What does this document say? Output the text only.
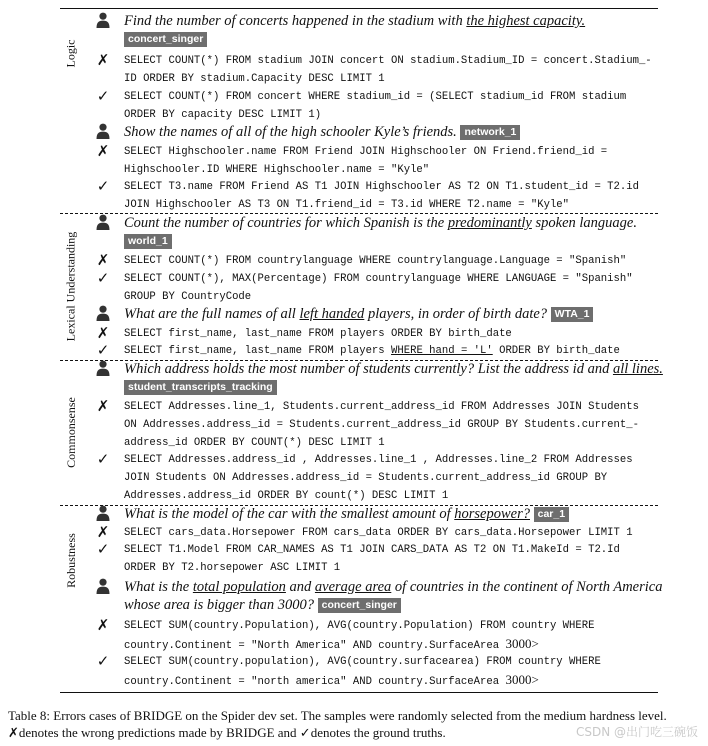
Logic
Lexical Understanding
Commonsense
Robustness
Find the number of concerts happened in the stadium with the highest capacity.
concert_singer
✗	SELECT COUNT(*) FROM stadium JOIN concert ON stadium.Stadium_ID = concert.Stadium_-
ID ORDER BY stadium.Capacity DESC LIMIT 1
✓	SELECT COUNT(*) FROM concert WHERE stadium_id = (SELECT stadium_id FROM stadium
ORDER BY capacity DESC LIMIT 1)
Show the names of all of the high schooler Kyle’s friends. network_1
✗	SELECT Highschooler.name FROM Friend JOIN Highschooler ON Friend.friend_id =
Highschooler.ID WHERE Highschooler.name = "Kyle"
✓	SELECT T3.name FROM Friend AS T1 JOIN Highschooler AS T2 ON T1.student_id = T2.id
JOIN Highschooler AS T3 ON T1.friend_id = T3.id WHERE T2.name = "Kyle"
Count the number of countries for which Spanish is the predominantly spoken language.
world_1
✗	SELECT COUNT(*) FROM countrylanguage WHERE countrylanguage.Language = "Spanish"
✓	SELECT COUNT(*), MAX(Percentage) FROM countrylanguage WHERE LANGUAGE = "Spanish"
GROUP BY CountryCode
What are the full names of all left handed players, in order of birth date? WTA_1
✗	SELECT first_name, last_name FROM players ORDER BY birth_date
✓	SELECT first_name, last_name FROM players WHERE hand = 'L' ORDER BY birth_date
Which address holds the most number of students currently? List the address id and all lines.
student_transcripts_tracking
✗	SELECT Addresses.line_1, Students.current_address_id FROM Addresses JOIN Students
ON Addresses.address_id = Students.current_address_id GROUP BY Students.current_-
address_id ORDER BY COUNT(*) DESC LIMIT 1
✓	SELECT Addresses.address_id , Addresses.line_1 , Addresses.line_2 FROM Addresses
JOIN Students ON Addresses.address_id = Students.current_address_id GROUP BY
Addresses.address_id ORDER BY count(*) DESC LIMIT 1
What is the model of the car with the smallest amount of horsepower? car_1
✗	SELECT cars_data.Horsepower FROM cars_data ORDER BY cars_data.Horsepower LIMIT 1
✓	SELECT T1.Model FROM CAR_NAMES AS T1 JOIN CARS_DATA AS T2 ON T1.MakeId = T2.Id
ORDER BY T2.horsepower ASC LIMIT 1
What is the total population and average area of countries in the continent of North America whose area is bigger than 3000? concert_singer
✗	SELECT SUM(country.Population), AVG(country.Population) FROM country WHERE
country.Continent = "North America" AND country.SurfaceArea 3000>
✓	SELECT SUM(country.population), AVG(country.surfacearea) FROM country WHERE
country.Continent = "north america" AND country.SurfaceArea 3000>
Table 8: Errors cases of BRIDGE on the Spider dev set. The samples were randomly selected from the medium hardness level. ✗denotes the wrong predictions made by BRIDGE and ✓denotes the ground truths.	CSDN @出门吃三碗饭
